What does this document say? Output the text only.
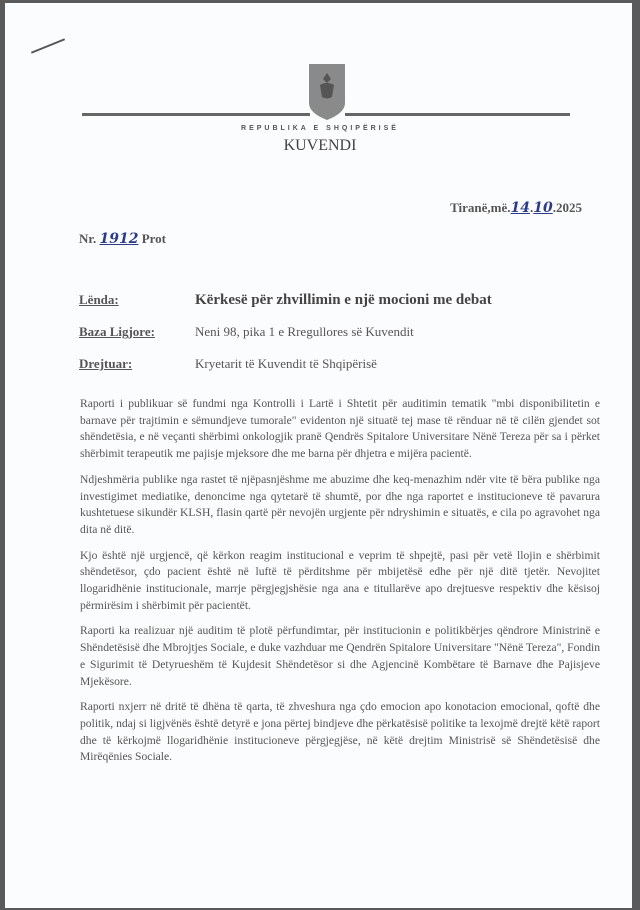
REPUBLIKA E SHQIPËRISË
KUVENDI
Tiranë,më.14.10.2025
Nr. 1912 Prot
Lënda:	Kërkesë për zhvillimin e një mocioni me debat
Baza Ligjore:	Neni 98, pika 1 e Rregullores së Kuvendit
Drejtuar:	Kryetarit të Kuvendit të Shqipërisë

Raporti i publikuar së fundmi nga Kontrolli i Lartë i Shtetit për auditimin tematik "mbi disponibilitetin e barnave për trajtimin e sëmundjeve tumorale" evidenton një situatë tej mase të rënduar në të cilën gjendet sot shëndetësia, e në veçanti shërbimi onkologjik pranë Qendrës Spitalore Universitare Nënë Tereza për sa i përket shërbimit terapeutik me pajisje mjeksore dhe me barna për dhjetra e mijëra pacientë.

Ndjeshmëria publike nga rastet të njëpasnjëshme me abuzime dhe keq-menazhim ndër vite të bëra publike nga investigimet mediatike, denoncime nga qytetarë të shumtë, por dhe nga raportet e institucioneve të pavarura kushtetuese sikundër KLSH, flasin qartë për nevojën urgjente për ndryshimin e situatës, e cila po agravohet nga dita në ditë.

Kjo është një urgjencë, që kërkon reagim institucional e veprim të shpejtë, pasi për vetë llojin e shërbimit shëndetësor, çdo pacient është në luftë të përditshme për mbijetësë edhe për një ditë tjetër. Nevojitet llogaridhënie institucionale, marrje përgjegjshësie nga ana e titullarëve apo drejtuesve respektiv dhe kësisoj përmirësim i shërbimit për pacientët.

Raporti ka realizuar një auditim të plotë përfundimtar, për institucionin e politikbërjes qëndrore Ministrinë e Shëndetësisë dhe Mbrojtjes Sociale, e duke vazhduar me Qendrën Spitalore Universitare "Nënë Tereza", Fondin e Sigurimit të Detyrueshëm të Kujdesit Shëndetësor si dhe Agjencinë Kombëtare të Barnave dhe Pajisjeve Mjekësore.

Raporti nxjerr në dritë të dhëna të qarta, të zhveshura nga çdo emocion apo konotacion emocional, qoftë dhe politik, ndaj si ligjvënës është detyrë e jona përtej bindjeve dhe përkatësisë politike ta lexojmë drejtë këtë raport dhe të kërkojmë llogaridhënie institucioneve përgjegjëse, në këtë drejtim Ministrisë së Shëndetësisë dhe Mirëqënies Sociale.
